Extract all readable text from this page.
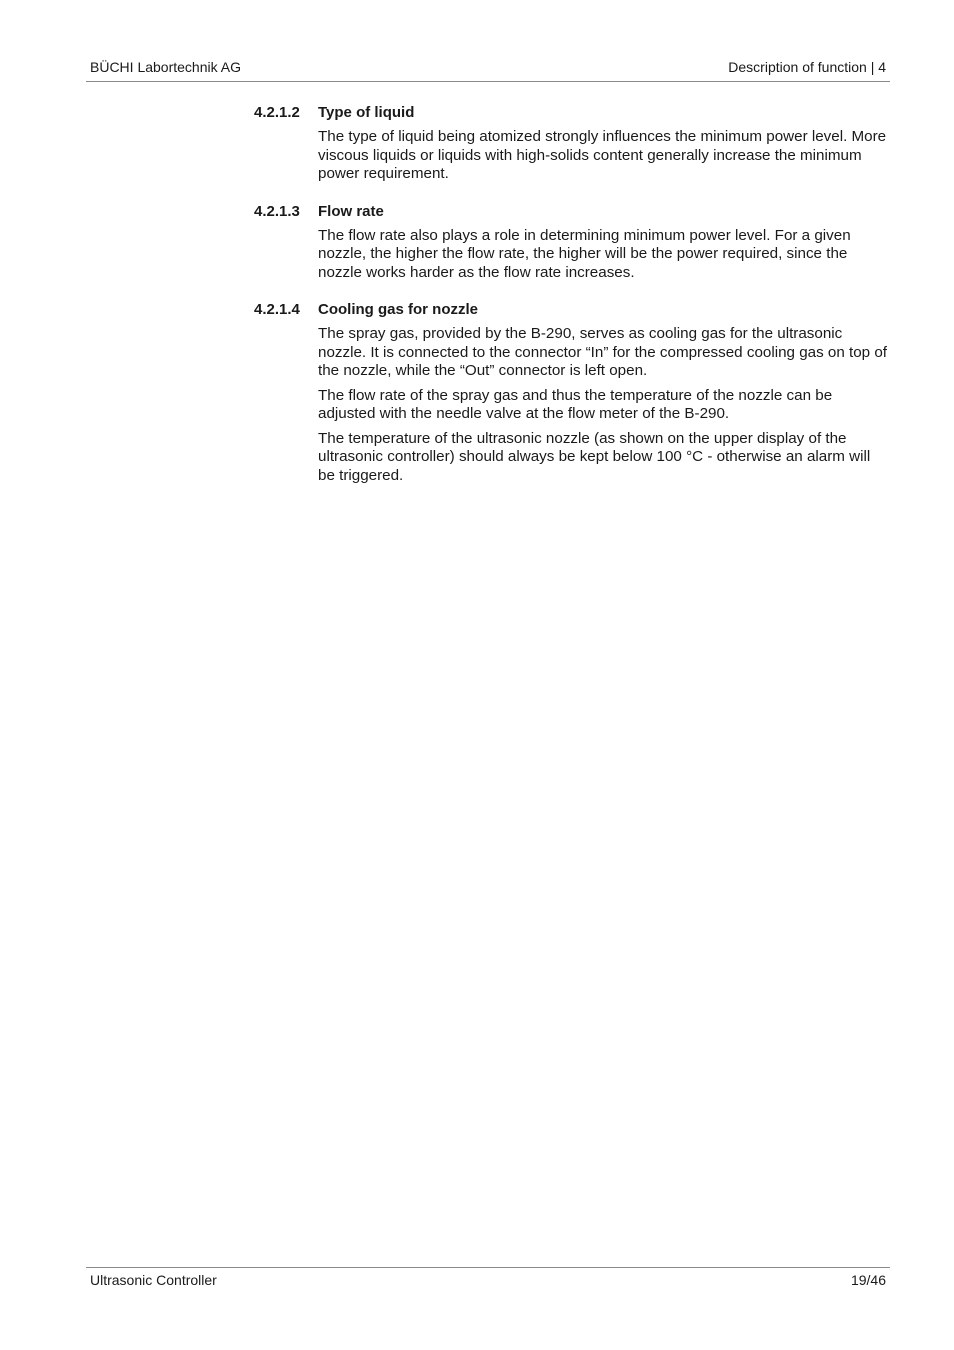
BÜCHI Labortechnik AG	Description of function | 4
4.2.1.2 Type of liquid
The type of liquid being atomized strongly influences the minimum power level. More viscous liquids or liquids with high-solids content generally increase the minimum power requirement.
4.2.1.3 Flow rate
The flow rate also plays a role in determining minimum power level. For a given nozzle, the higher the flow rate, the higher will be the power required, since the nozzle works harder as the flow rate increases.
4.2.1.4 Cooling gas for nozzle
The spray gas, provided by the B-290, serves as cooling gas for the ultrasonic nozzle. It is connected to the connector “In” for the compressed cooling gas on top of the nozzle, while the “Out” connector is left open.
The flow rate of the spray gas and thus the temperature of the nozzle can be adjusted with the needle valve at the flow meter of the B-290.
The temperature of the ultrasonic nozzle (as shown on the upper display of the ultrasonic controller) should always be kept below 100 °C - otherwise an alarm will be triggered.
Ultrasonic Controller	19/46
